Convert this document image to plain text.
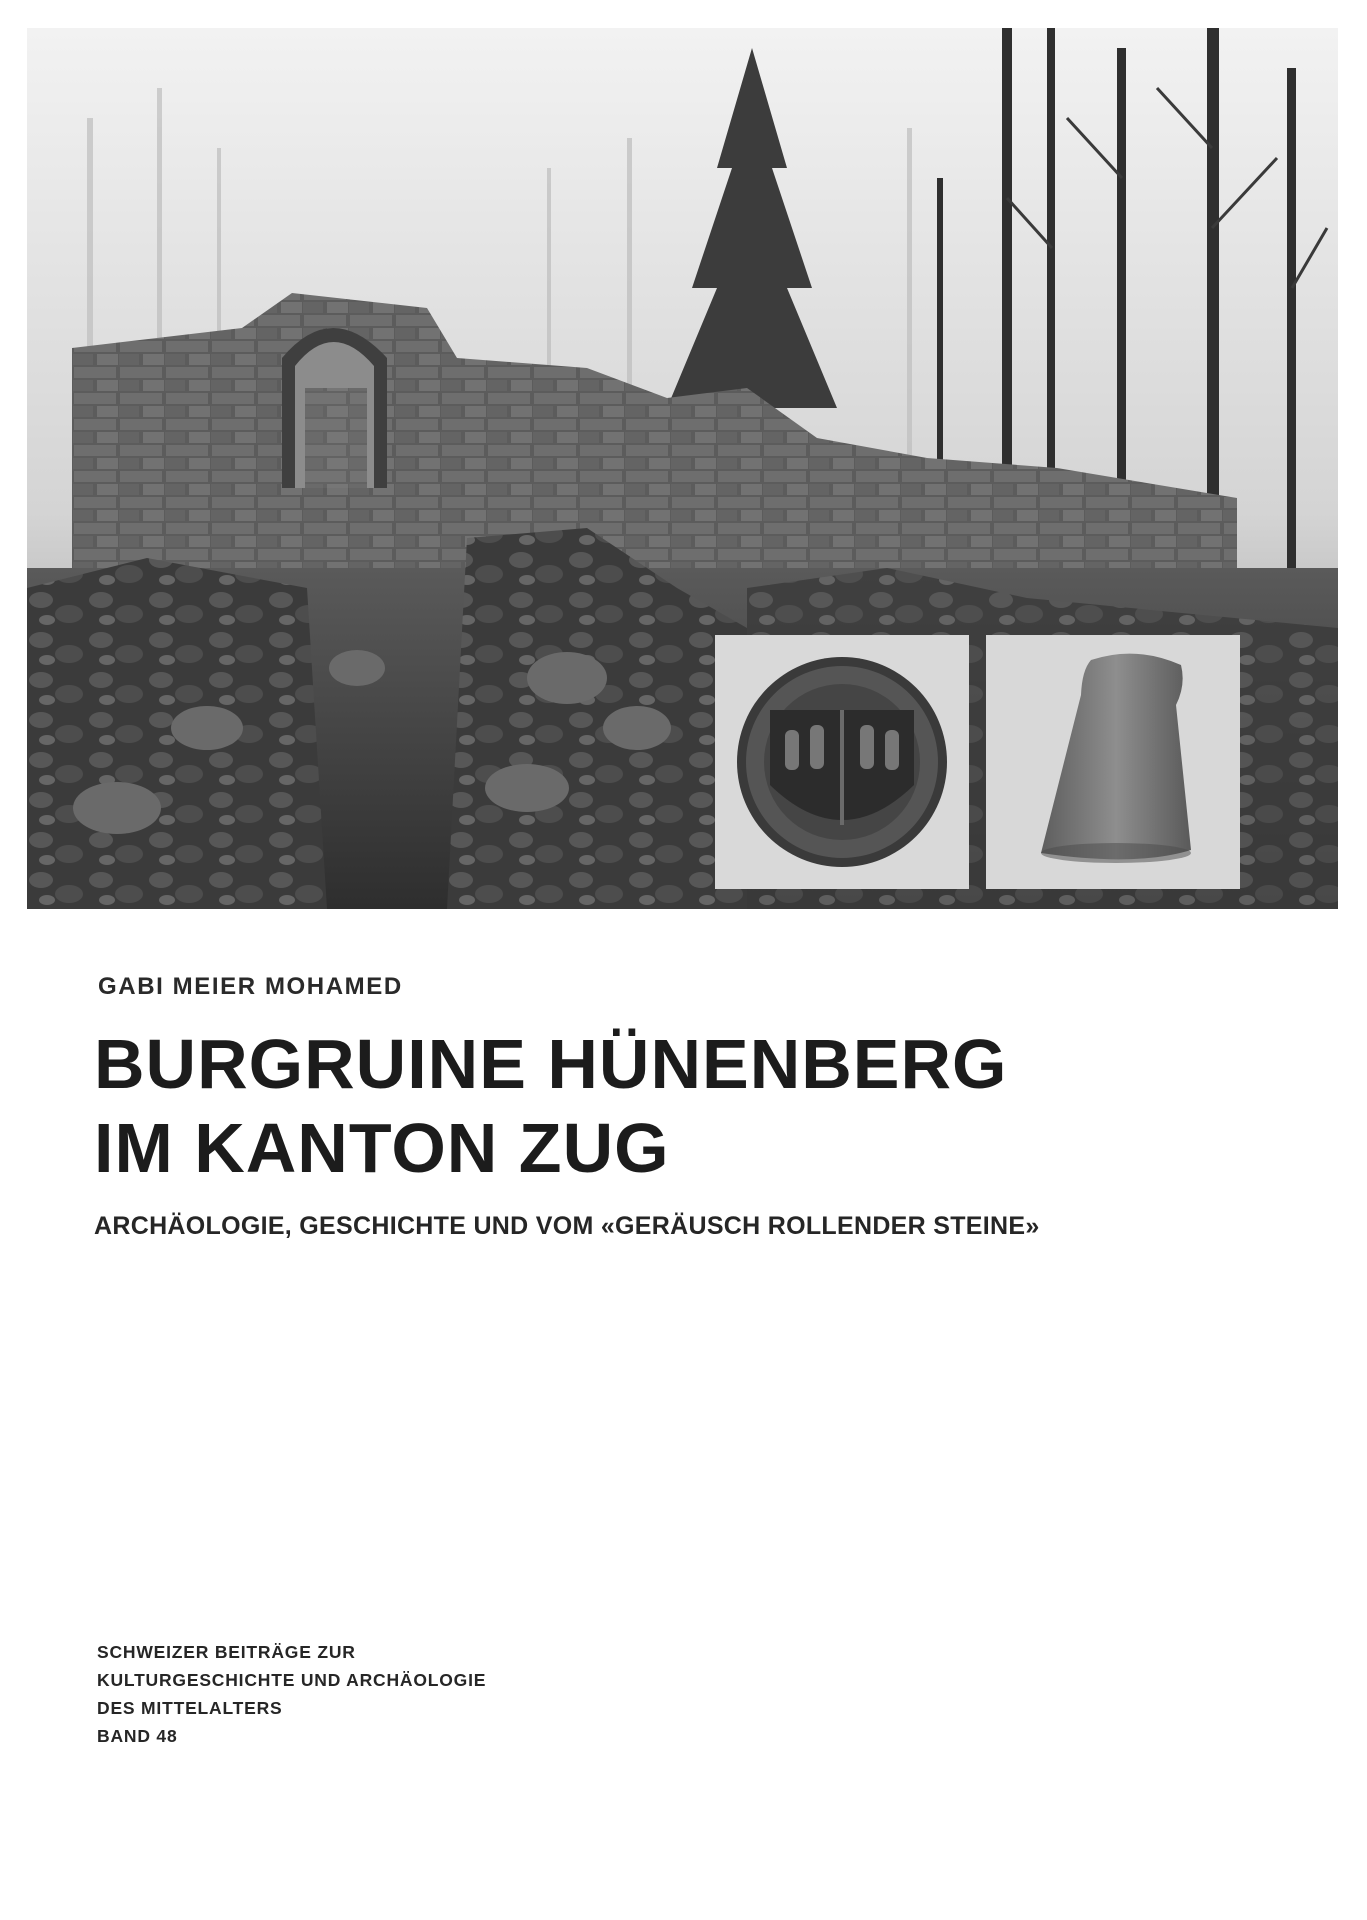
GABI MEIER MOHAMED
BURGRUINE HÜNENBERG
IM KANTON ZUG
ARCHÄOLOGIE, GESCHICHTE UND VOM «GERÄUSCH ROLLENDER STEINE»
SCHWEIZER BEITRÄGE ZUR
KULTURGESCHICHTE UND ARCHÄOLOGIE
DES MITTELALTERS
BAND 48
